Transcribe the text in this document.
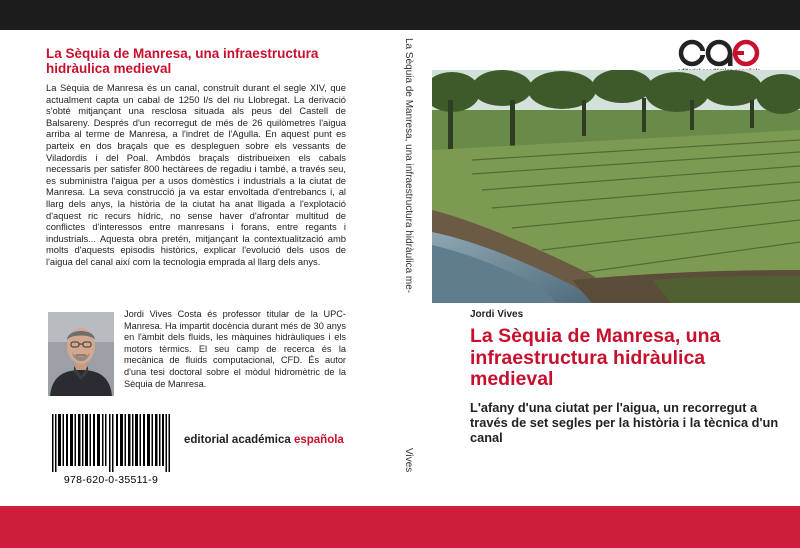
La Sèquia de Manresa, una infraestructura hidràulica medieval
La Sèquia de Manresa és un canal, construït durant el segle XIV, que actualment capta un cabal de 1250 l/s del riu Llobregat. La derivació s'obté mitjançant una resclosa situada als peus del Castell de Balsareny. Després d'un recorregut de més de 26 quilòmetres l'aigua arriba al terme de Manresa, a l'indret de l'Agulla. En aquest punt es parteix en dos braçals que es despleguen sobre els vessants de Viladordis i del Poal. Ambdós braçals distribueixen els cabals necessaris per satisfer 800 hectàrees de regadiu i també, a través seu, es subministra l'aigua per a usos domèstics i industrials a la ciutat de Manresa. La seva construcció ja va estar envoltada d'entrebancs i, al llarg dels anys, la història de la ciutat ha anat lligada a l'explotació d'aquest ric recurs hídric, no sense haver d'afrontar multitud de conflictes d'interessos entre manresans i forans, entre regants i industrials... Aquesta obra pretén, mitjançant la contextualització amb molts d'aquests episodis històrics, explicar l'evolució dels usos de l'aigua del canal així com la tecnologia emprada al llarg dels anys.
Jordi Vives Costa és professor titular de la UPC-Manresa. Ha impartit docència durant més de 30 anys en l'àmbit dels fluids, les màquines hidràuliques i els motors tèrmics. El seu camp de recerca és la mecànica de fluids computacional, CFD. És autor d'una tesi doctoral sobre el mòdul hidromètric de la Sèquia de Manresa.
978-620-0-35511-9
editorial académica española
La Sèquia de Manresa, una infraestructura hidràulica me-
Vives
Jordi Vives
La Sèquia de Manresa, una infraestructura hidràulica medieval
L'afany d'una ciutat per l'aigua, un recorregut a través de set segles per la història i la tècnica d'un canal
